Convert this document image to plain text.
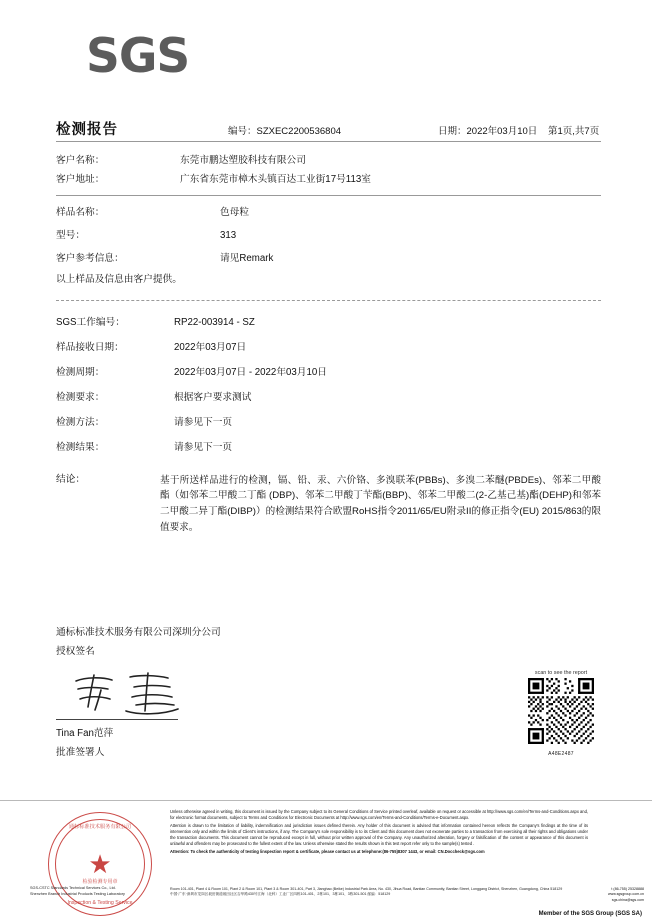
SGS
检测报告	编号：SZXEC2200536804	日期：2022年03月10日	第1页,共7页
客户名称：	东莞市鹏达塑胶科技有限公司
客户地址：	广东省东莞市樟木头镇百达工业街17号113室
样品名称：	色母粒
型号：	313
客户参考信息：	请见Remark
以上样品及信息由客户提供。
SGS工作编号：	RP22-003914 - SZ
样品接收日期：	2022年03月07日
检测周期：	2022年03月07日 - 2022年03月10日
检测要求：	根据客户要求测试
检测方法：	请参见下一页
检测结果：	请参见下一页
结论：	基于所送样品进行的检测，镉、铅、汞、六价铬、多溴联苯(PBBs)、多溴二苯醚(PBDEs)、邻苯二甲酸酯（如邻苯二甲酸二丁酯 (DBP)、邻苯二甲酸丁苄酯(BBP)、邻苯二甲酸二(2-乙基己基)酯(DEHP)和邻苯二甲酸二异丁酯(DIBP)）的检测结果符合欧盟RoHS指令2011/65/EU附录II的修正指令(EU) 2015/863的限值要求。
通标标准技术服务有限公司深圳分公司
授权签名
Tina Fan范萍
批准签署人
scan to see the report
A48E2487

Unless otherwise agreed in writing, this document is issued by the Company subject to its General Conditions of Service printed overleaf, available on request or accessible at http://www.sgs.com/en/Terms-and-Conditions.aspx and, for electronic format documents, subject to Terms and Conditions for Electronic Documents at http://www.sgs.com/en/Terms-and-Conditions/Terms-e-Document.aspx.

Attention is drawn to the limitation of liability, indemnification and jurisdiction issues defined therein. Any holder of this document is advised that information contained hereon reflects the Company's findings at the time of its intervention only and within the limits of Client's instructions, if any. The Company's sole responsibility is to its Client and this document does not exonerate parties to a transaction from exercising all their rights and obligations under the transaction documents. This document cannot be reproduced except in full, without prior written approval of the Company. Any unauthorized alteration, forgery or falsification of the content or appearance of this document is unlawful and offenders may be prosecuted to the fullest extent of the law. Unless otherwise stated the results shown in this test report refer only to the sample(s) tested .

Attention: To check the authenticity of testing /inspection report & certificate, please contact us at telephone:(86-755)8307 1443, or email: CN.Doccheck@sgs.com

Room 101-401, Plant 4 & Room 101, Plant 2 & Room 101, Plant 3 & Room 301-401, Part 3, Jianghao (Beike) Industrial Park Area, No. 430, Jihua Road, Bantian Community, Bantian Street, Longgang District, Shenzhen, Guangdong, China 518129
中国·广东·深圳市龙岗区坂田街道坂田社区吉华路430号江海（北科）工业厂区四栋101-401、2栋101、3栋101、3栋301-501 邮编：518129
t (86-755) 25328888
www.sgsgroup.com.cn
sgs.china@sgs.com
Member of the SGS Group (SGS SA)
通标标准技术服务有限公司
★
检验检测专用章
Inspection & Testing Service
SGS-CSTC Standards Technical Services Co., Ltd.
Shenzhen Branch Industrial Products Testing Laboratory
